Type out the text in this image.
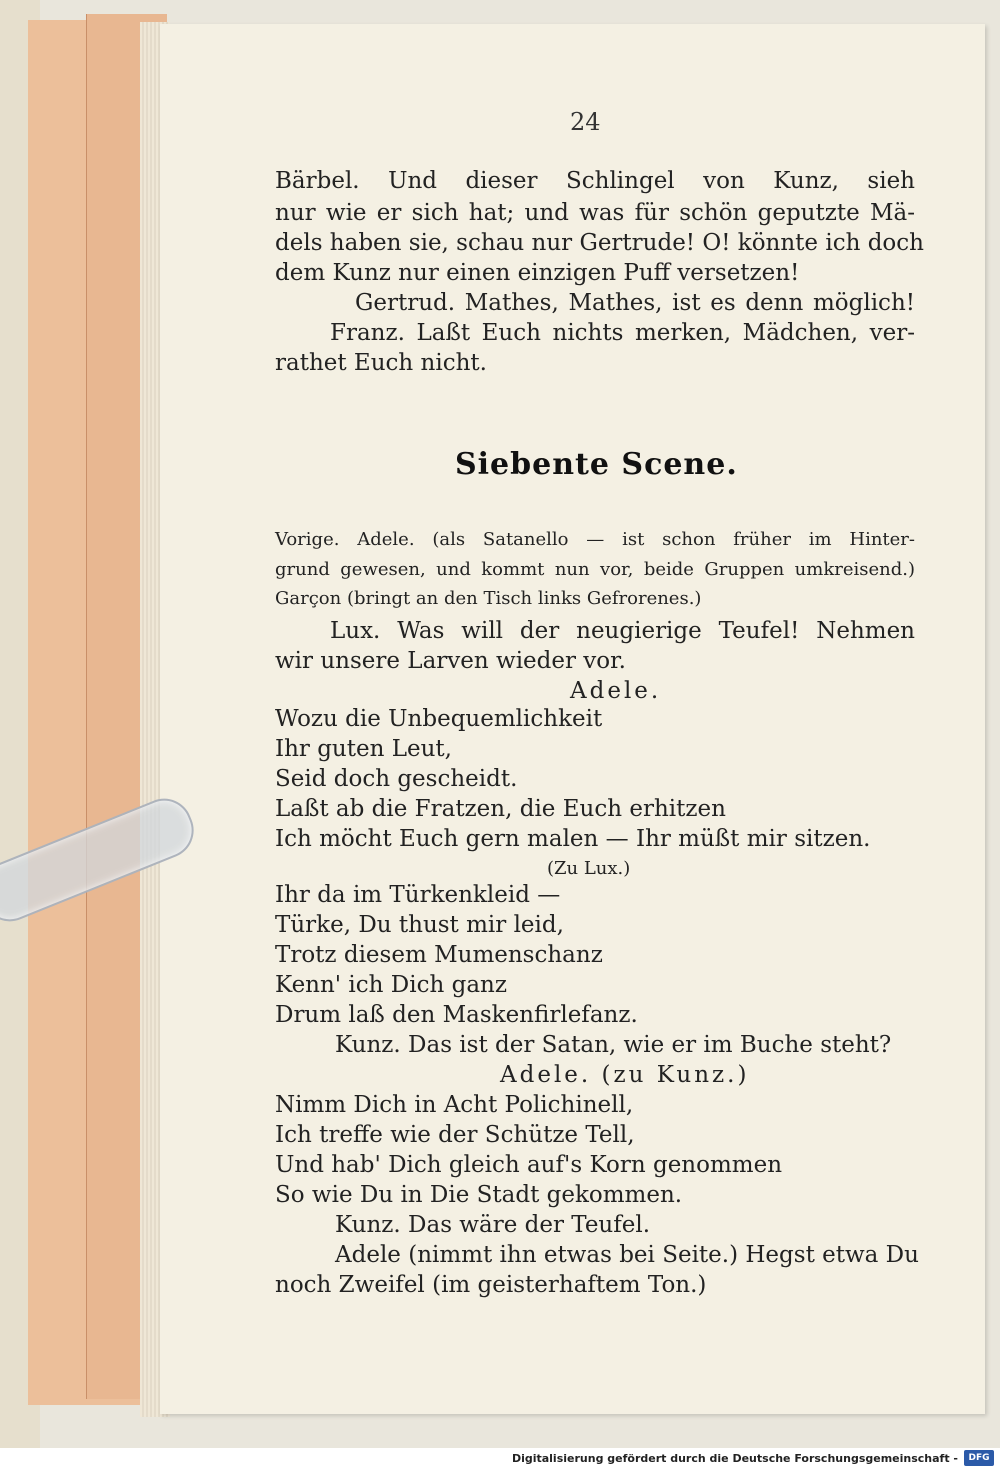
24
Siebente Scene.
Bärbel. Und dieser Schlingel von Kunz, sieh
nur wie er sich hat; und was für schön geputzte Mä-
dels haben sie, schau nur Gertrude! O! könnte ich doch
dem Kunz nur einen einzigen Puff versetzen!
Gertrud. Mathes, Mathes, ist es denn möglich!
Franz. Laßt Euch nichts merken, Mädchen, ver-
rathet Euch nicht.
Vorige. Adele. (als Satanello — ist schon früher im Hinter-
grund gewesen, und kommt nun vor, beide Gruppen umkreisend.)
Garçon (bringt an den Tisch links Gefrorenes.)
Lux. Was will der neugierige Teufel! Nehmen
wir unsere Larven wieder vor.
Adele.
Wozu die Unbequemlichkeit
Ihr guten Leut,
Seid doch gescheidt.
Laßt ab die Fratzen, die Euch erhitzen
Ich möcht Euch gern malen — Ihr müßt mir sitzen.
(Zu Lux.)
Ihr da im Türkenkleid —
Türke, Du thust mir leid,
Trotz diesem Mumenschanz
Kenn' ich Dich ganz
Drum laß den Maskenfirlefanz.
Kunz. Das ist der Satan, wie er im Buche steht?
Adele. (zu Kunz.)
Nimm Dich in Acht Polichinell,
Ich treffe wie der Schütze Tell,
Und hab' Dich gleich auf's Korn genommen
So wie Du in Die Stadt gekommen.
Kunz. Das wäre der Teufel.
Adele (nimmt ihn etwas bei Seite.) Hegst etwa Du
noch Zweifel (im geisterhaftem Ton.)
Digitalisierung gefördert durch die Deutsche Forschungsgemeinschaft -	DFG
